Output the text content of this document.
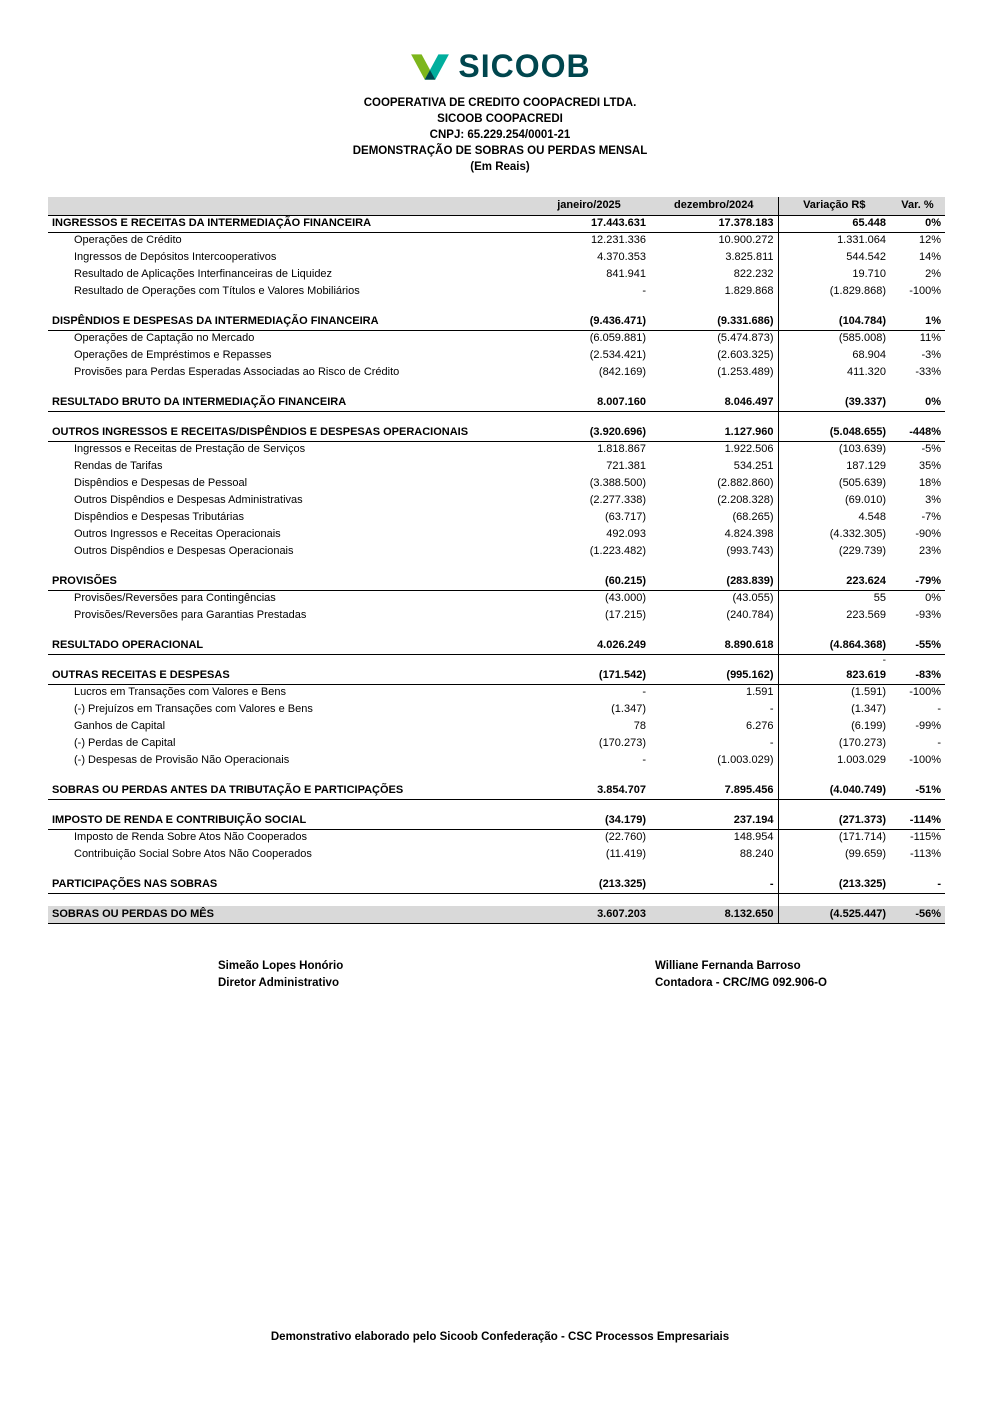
SICOOB
COOPERATIVA DE CREDITO COOPACREDI LTDA.
SICOOB COOPACREDI
CNPJ: 65.229.254/0001-21
DEMONSTRAÇÃO DE SOBRAS OU PERDAS MENSAL
(Em Reais)
	janeiro/2025	dezembro/2024	Variação R$	Var. %
INGRESSOS E RECEITAS DA INTERMEDIAÇÃO FINANCEIRA	17.443.631	17.378.183	65.448	0%
Operações de Crédito	12.231.336	10.900.272	1.331.064	12%
Ingressos de Depósitos Intercooperativos	4.370.353	3.825.811	544.542	14%
Resultado de Aplicações Interfinanceiras de Liquidez	841.941	822.232	19.710	2%
Resultado de Operações com Títulos e Valores Mobiliários	-	1.829.868	(1.829.868)	-100%

DISPÊNDIOS E DESPESAS DA INTERMEDIAÇÃO FINANCEIRA	(9.436.471)	(9.331.686)	(104.784)	1%
Operações de Captação no Mercado	(6.059.881)	(5.474.873)	(585.008)	11%
Operações de Empréstimos e Repasses	(2.534.421)	(2.603.325)	68.904	-3%
Provisões para Perdas Esperadas Associadas ao Risco de Crédito	(842.169)	(1.253.489)	411.320	-33%

RESULTADO BRUTO DA INTERMEDIAÇÃO FINANCEIRA	8.007.160	8.046.497	(39.337)	0%

OUTROS INGRESSOS E RECEITAS/DISPÊNDIOS E DESPESAS OPERACIONAIS	(3.920.696)	1.127.960	(5.048.655)	-448%
Ingressos e Receitas de Prestação de Serviços	1.818.867	1.922.506	(103.639)	-5%
Rendas de Tarifas	721.381	534.251	187.129	35%
Dispêndios e Despesas de Pessoal	(3.388.500)	(2.882.860)	(505.639)	18%
Outros Dispêndios e Despesas Administrativas	(2.277.338)	(2.208.328)	(69.010)	3%
Dispêndios e Despesas Tributárias	(63.717)	(68.265)	4.548	-7%
Outros Ingressos e Receitas Operacionais	492.093	4.824.398	(4.332.305)	-90%
Outros Dispêndios e Despesas Operacionais	(1.223.482)	(993.743)	(229.739)	23%

PROVISÕES	(60.215)	(283.839)	223.624	-79%
Provisões/Reversões para Contingências	(43.000)	(43.055)	55	0%
Provisões/Reversões para Garantias Prestadas	(17.215)	(240.784)	223.569	-93%

RESULTADO OPERACIONAL	4.026.249	8.890.618	(4.864.368)	-55%
			-	
OUTRAS RECEITAS E DESPESAS	(171.542)	(995.162)	823.619	-83%
Lucros em Transações com Valores e Bens	-	1.591	(1.591)	-100%
(-) Prejuízos em Transações com Valores e Bens	(1.347)	-	(1.347)	-
Ganhos de Capital	78	6.276	(6.199)	-99%
(-) Perdas de Capital	(170.273)	-	(170.273)	-
(-) Despesas de Provisão Não Operacionais	-	(1.003.029)	1.003.029	-100%

SOBRAS OU PERDAS ANTES DA TRIBUTAÇÃO E PARTICIPAÇÕES	3.854.707	7.895.456	(4.040.749)	-51%

IMPOSTO DE RENDA E CONTRIBUIÇÃO SOCIAL	(34.179)	237.194	(271.373)	-114%
Imposto de Renda Sobre Atos Não Cooperados	(22.760)	148.954	(171.714)	-115%
Contribuição Social Sobre Atos Não Cooperados	(11.419)	88.240	(99.659)	-113%

PARTICIPAÇÕES NAS SOBRAS	(213.325)	-	(213.325)	-

SOBRAS OU PERDAS DO MÊS	3.607.203	8.132.650	(4.525.447)	-56%
Simeão Lopes Honório
Diretor Administrativo
Williane Fernanda Barroso
Contadora - CRC/MG 092.906-O
Demonstrativo elaborado pelo Sicoob Confederação - CSC Processos Empresariais
